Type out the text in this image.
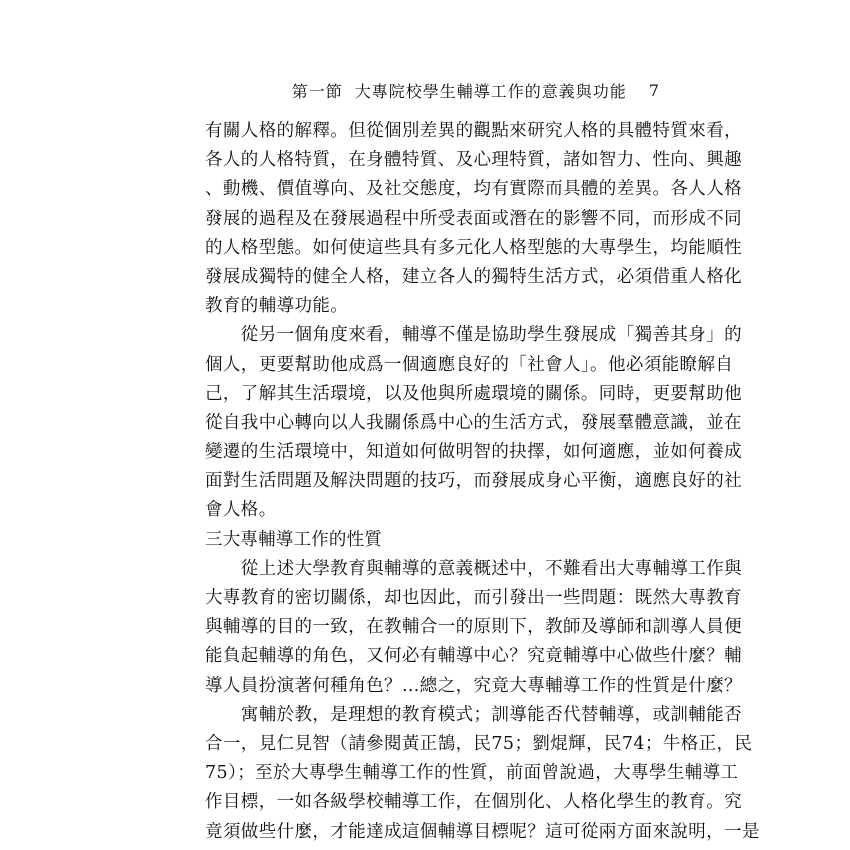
第一節 大專院校學生輔導工作的意義與功能 7
有關人格的解釋。但從個別差異的觀點來研究人格的具體特質來看，
各人的人格特質，在身體特質、及心理特質，諸如智力、性向、興趣
、動機、價值導向、及社交態度，均有實際而具體的差異。各人人格
發展的過程及在發展過程中所受表面或潛在的影響不同，而形成不同
的人格型態。如何使這些具有多元化人格型態的大專學生，均能順性
發展成獨特的健全人格，建立各人的獨特生活方式，必須借重人格化
教育的輔導功能。
　　從另一個角度來看，輔導不僅是協助學生發展成「獨善其身」的
個人，更要幫助他成爲一個適應良好的「社會人」。他必須能瞭解自
己，了解其生活環境，以及他與所處環境的關係。同時，更要幫助他
從自我中心轉向以人我關係爲中心的生活方式，發展羣體意識，並在
變遷的生活環境中，知道如何做明智的抉擇，如何適應，並如何養成
面對生活問題及解決問題的技巧，而發展成身心平衡，適應良好的社
會人格。
三大專輔導工作的性質
　　從上述大學教育與輔導的意義概述中，不難看出大專輔導工作與
大專教育的密切關係，却也因此，而引發出一些問題：既然大專教育
與輔導的目的一致，在教輔合一的原則下，教師及導師和訓導人員便
能負起輔導的角色，又何必有輔導中心？究竟輔導中心做些什麼？輔
導人員扮演著何種角色？…總之，究竟大專輔導工作的性質是什麼？
　　寓輔於教，是理想的教育模式；訓導能否代替輔導，或訓輔能否
合一，見仁見智（請參閱黃正鵠，民75；劉焜輝，民74；牛格正，民
75）；至於大專學生輔導工作的性質，前面曾說過，大專學生輔導工
作目標，一如各級學校輔導工作，在個別化、人格化學生的教育。究
竟須做些什麼，才能達成這個輔導目標呢？這可從兩方面來說明，一是
